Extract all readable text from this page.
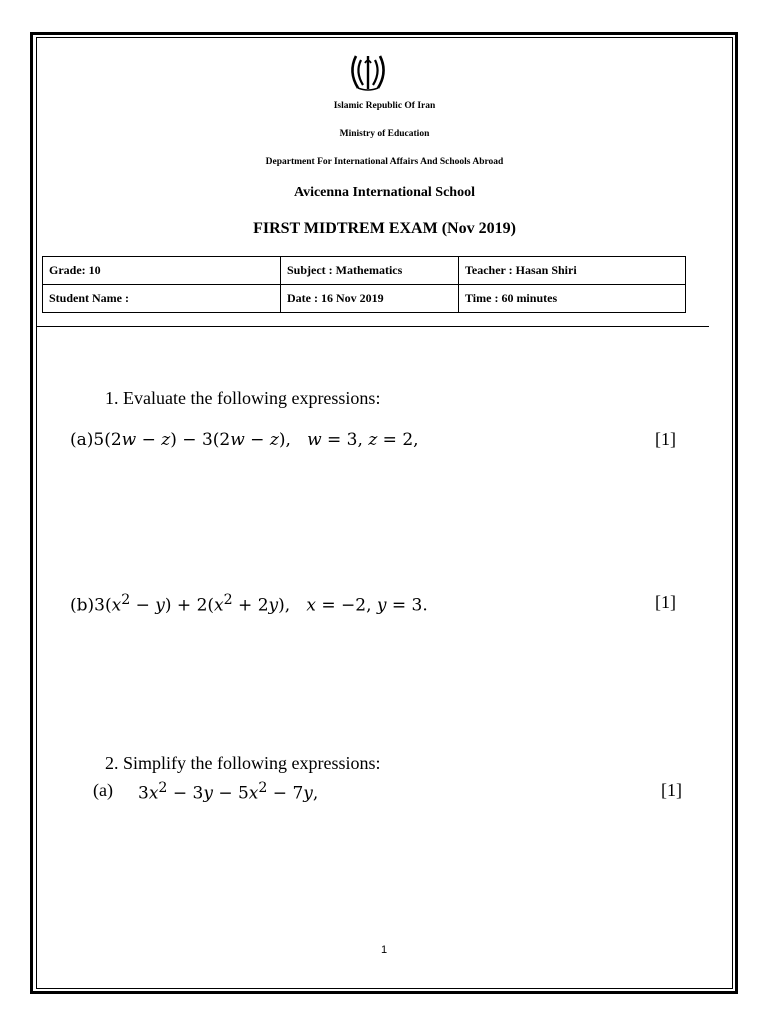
Islamic Republic Of Iran
Ministry of Education
Department For International Affairs And Schools Abroad
Avicenna International School
FIRST MIDTREM EXAM (Nov 2019)
Grade: 10	Subject : Mathematics	Teacher : Hasan Shiri
Student Name :	Date : 16 Nov 2019	Time : 60 minutes
1. Evaluate the following expressions:
(a)5(2w − z) − 3(2w − z),   w = 3, z = 2,	[1]
$(b)3(x^2 - y) + 2(x^2 + 2y)$,   x = −2, y = 3.	[1]
2. Simplify the following expressions:
(a) $3x^2 - 3y - 5x^2 - 7y$,	[1]
1
